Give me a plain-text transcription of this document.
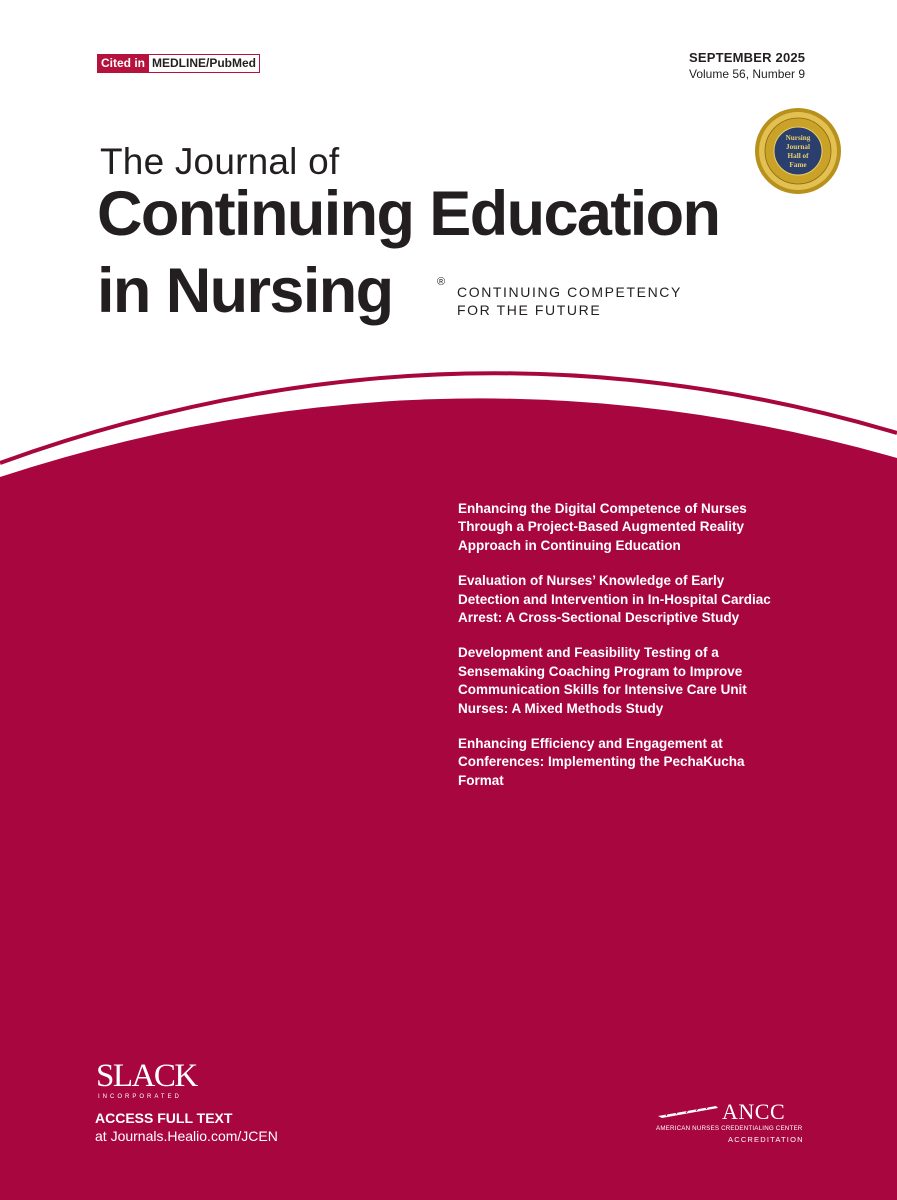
Cited in MEDLINE/PubMed	SEPTEMBER 2025
Volume 56, Number 9
Nursing
Journal
Hall of
Fame
The Journal of
Continuing Education
in Nursing	®
CONTINUING COMPETENCY
FOR THE FUTURE
Enhancing the Digital Competence of Nurses Through a Project-Based Augmented Reality Approach in Continuing Education
Evaluation of Nurses’ Knowledge of Early Detection and Intervention in In-Hospital Cardiac Arrest: A Cross-Sectional Descriptive Study
Development and Feasibility Testing of a Sensemaking Coaching Program to Improve Communication Skills for Intensive Care Unit Nurses: A Mixed Methods Study
Enhancing Efficiency and Engagement at Conferences: Implementing the PechaKucha Format
SLACK
INCORPORATED
ACCESS FULL TEXT
at Journals.Healio.com/JCEN
ANCC
AMERICAN NURSES CREDENTIALING CENTER
ACCREDITATION
